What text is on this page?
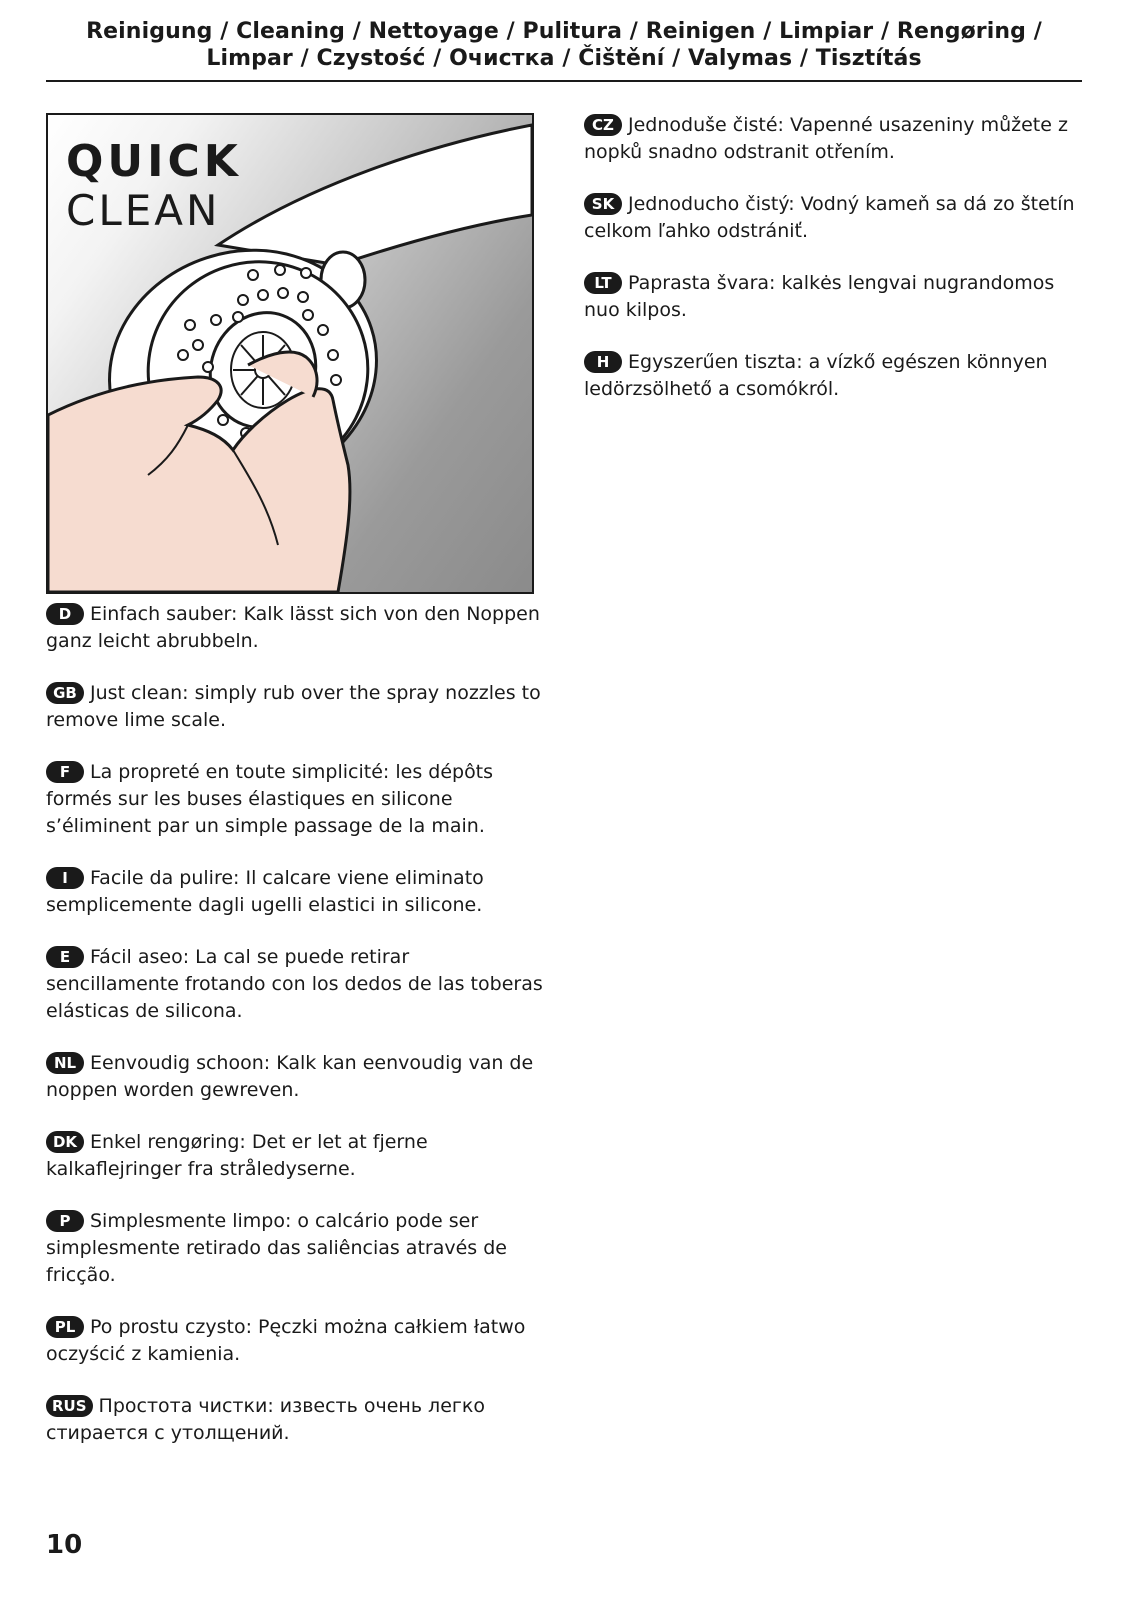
Reinigung / Cleaning / Nettoyage / Pulitura / Reinigen / Limpiar / Rengøring /
Limpar / Czystość / Очистка / Čištění / Valymas / Tisztítás
QUICK
CLEAN
D Einfach sauber: Kalk lässt sich von den Noppen ganz leicht abrubbeln.
GB Just clean: simply rub over the spray nozzles to remove lime scale.
F La propreté en toute simplicité: les dépôts formés sur les buses élastiques en silicone s’éliminent par un simple passage de la main.
I Facile da pulire: Il calcare viene eliminato semplicemente dagli ugelli elastici in silicone.
E Fácil aseo: La cal se puede retirar sencillamente frotando con los dedos de las toberas elásticas de silicona.
NL Eenvoudig schoon: Kalk kan eenvoudig van de noppen worden gewreven.
DK Enkel rengøring: Det er let at fjerne kalkaflejringer fra stråledyserne.
P Simplesmente limpo: o calcário pode ser simplesmente retirado das saliências através de fricção.
PL Po prostu czysto: Pęczki można całkiem łatwo oczyścić z kamienia.
RUS Простота чистки: известь очень легко стирается с утолщений.
CZ Jednoduše čisté: Vapenné usazeniny můžete z nopků snadno odstranit otřením.
SK Jednoducho čistý: Vodný kameň sa dá zo štetín celkom ľahko odstrániť.
LT Paprasta švara: kalkės lengvai nugrandomos nuo kilpos.
H Egyszerűen tiszta: a vízkő egészen könnyen ledörzsölhető a csomókról.
10
